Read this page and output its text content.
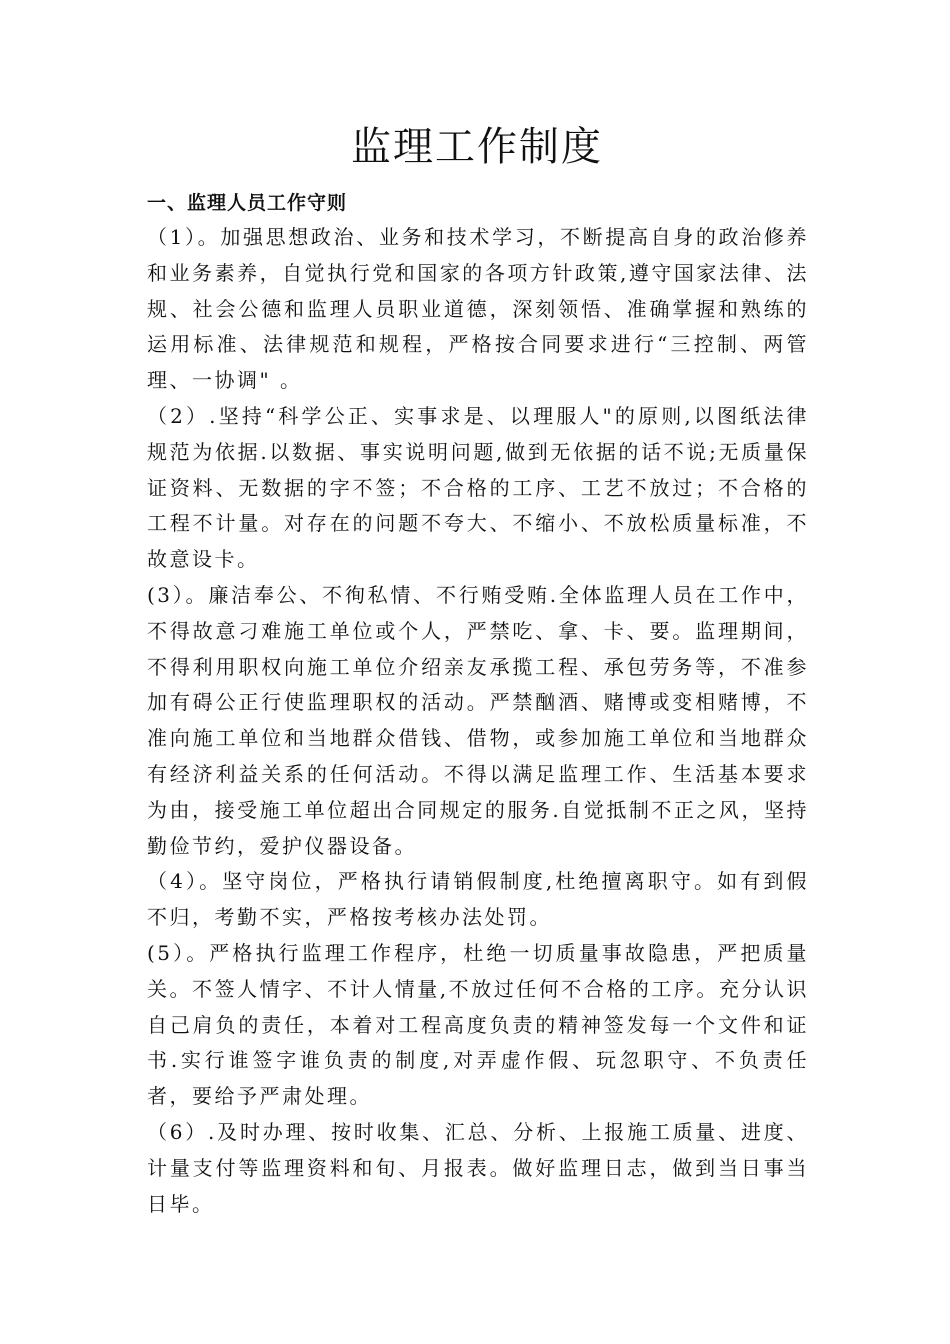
监理工作制度
一、监理人员工作守则

（1）。加强思想政治、业务和技术学习，不断提高自身的政治修养和业务素养，自觉执行党和国家的各项方针政策,遵守国家法律、法规、社会公德和监理人员职业道德，深刻领悟、准确掌握和熟练的运用标准、法律规范和规程，严格按合同要求进行“三控制、两管理、一协调" 。

（2）.坚持“科学公正、实事求是、以理服人"的原则,以图纸法律规范为依据.以数据、事实说明问题,做到无依据的话不说;无质量保证资料、无数据的字不签；不合格的工序、工艺不放过；不合格的工程不计量。对存在的问题不夸大、不缩小、不放松质量标准，不故意设卡。

(3）。廉洁奉公、不徇私情、不行贿受贿.全体监理人员在工作中，不得故意刁难施工单位或个人，严禁吃、拿、卡、要。监理期间，不得利用职权向施工单位介绍亲友承揽工程、承包劳务等，不准参加有碍公正行使监理职权的活动。严禁酗酒、赌博或变相赌博，不准向施工单位和当地群众借钱、借物，或参加施工单位和当地群众有经济利益关系的任何活动。不得以满足监理工作、生活基本要求为由，接受施工单位超出合同规定的服务.自觉抵制不正之风，坚持勤俭节约，爱护仪器设备。

（4）。坚守岗位，严格执行请销假制度,杜绝擅离职守。如有到假不归，考勤不实，严格按考核办法处罚。

(5）。严格执行监理工作程序，杜绝一切质量事故隐患，严把质量关。不签人情字、不计人情量,不放过任何不合格的工序。充分认识自己肩负的责任，本着对工程高度负责的精神签发每一个文件和证书.实行谁签字谁负责的制度,对弄虚作假、玩忽职守、不负责任者，要给予严肃处理。

（6）.及时办理、按时收集、汇总、分析、上报施工质量、进度、计量支付等监理资料和旬、月报表。做好监理日志，做到当日事当日毕。
